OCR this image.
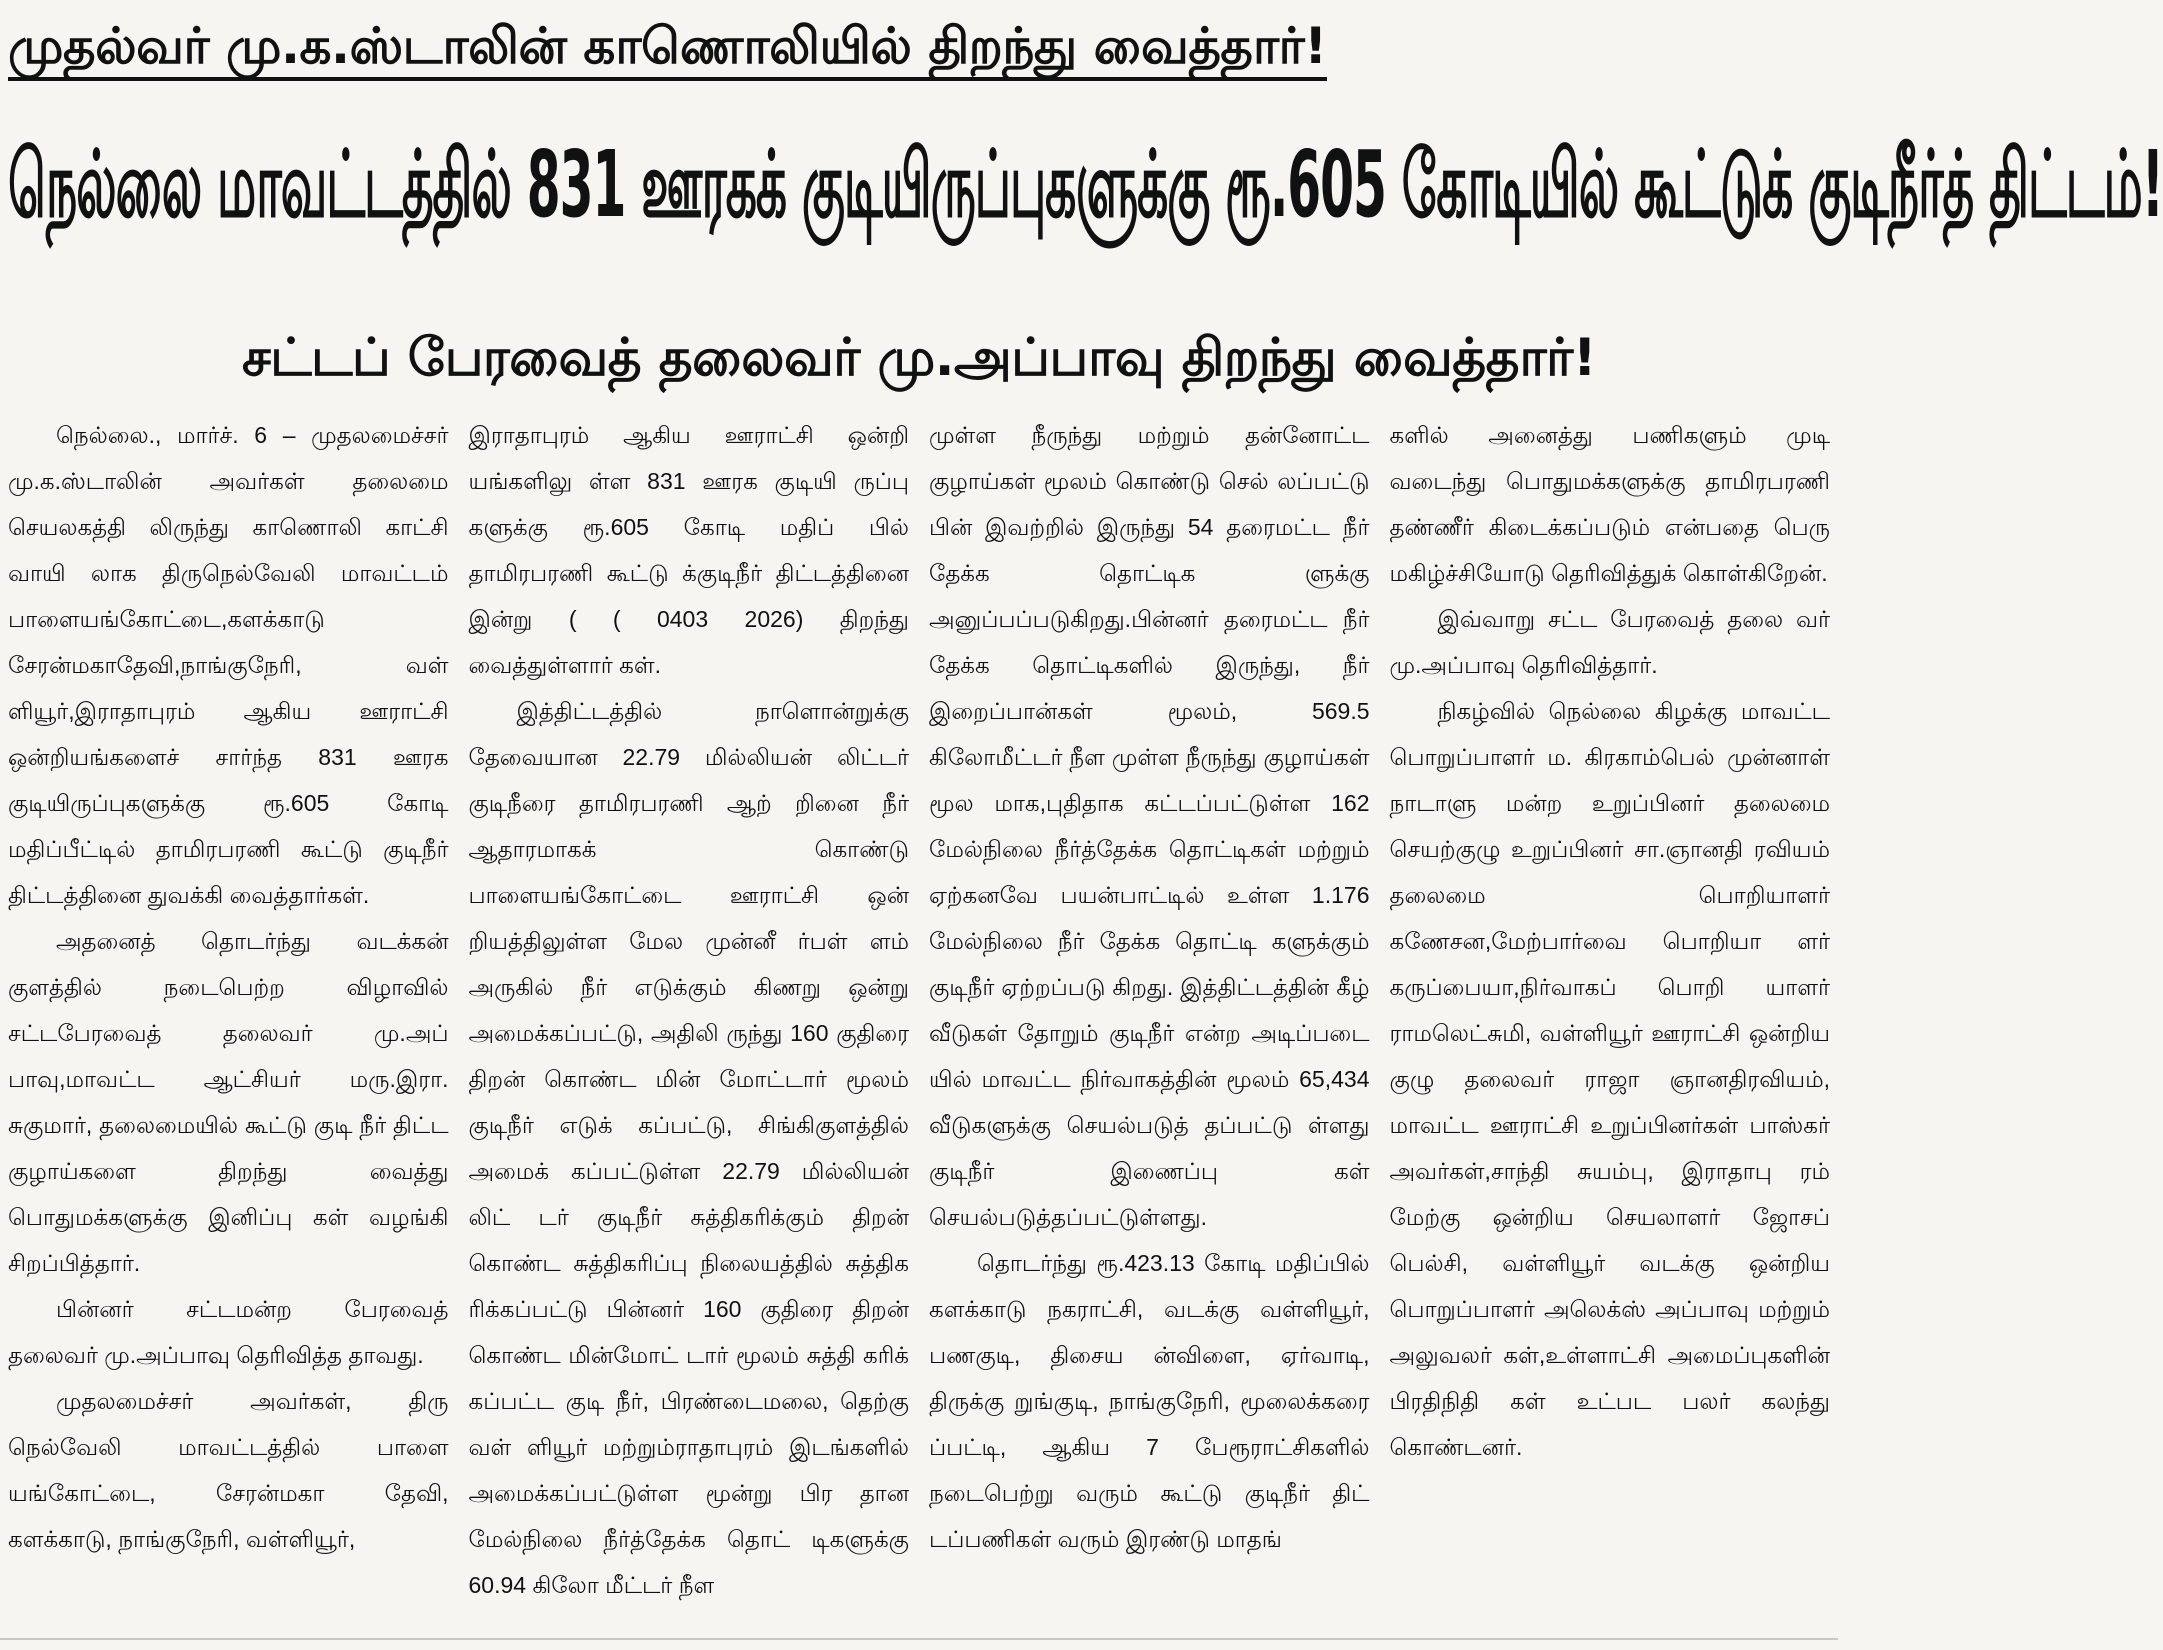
முதல்வர் மு.க.ஸ்டாலின் காணொலியில் திறந்து வைத்தார்!
நெல்லை மாவட்டத்தில் 831 ஊரகக் குடியிருப்புகளுக்கு ரூ.605 கோடியில் கூட்டுக் குடிநீர்த் திட்டம்!
சட்டப் பேரவைத் தலைவர் மு.அப்பாவு திறந்து வைத்தார்!

நெல்லை., மார்ச். 6 – முதலமைச்சர் மு.க.ஸ்டாலின் அவர்கள் தலைமை செயலகத்தி லிருந்து காணொலி காட்சி வாயி லாக திருநெல்வேலி மாவட்டம் பாளையங்கோட்டை,களக்காடு சேரன்மகாதேவி,நாங்குநேரி, வள் ளியூர்,இராதாபுரம் ஆகிய ஊராட்சி ஒன்றியங்களைச் சார்ந்த 831 ஊரக குடியிருப்புகளுக்கு ரூ.605 கோடி மதிப்பீட்டில் தாமிரபரணி கூட்டு குடிநீர் திட்டத்தினை துவக்கி வைத்தார்கள்.

அதனைத் தொடர்ந்து வடக்கன் குளத்தில் நடைபெற்ற விழாவில் சட்டபேரவைத் தலைவர் மு.அப் பாவு,மாவட்ட ஆட்சியர் மரு.இரா. சுகுமார், தலைமையில் கூட்டு குடி நீர் திட்ட குழாய்களை திறந்து வைத்து பொதுமக்களுக்கு இனிப்பு கள் வழங்கி சிறப்பித்தார்.

பின்னர் சட்டமன்ற பேரவைத் தலைவர் மு.அப்பாவு தெரிவித்த தாவது.

முதலமைச்சர் அவர்கள், திரு நெல்வேலி மாவட்டத்தில் பாளை யங்கோட்டை, சேரன்மகா தேவி, களக்காடு, நாங்குநேரி, வள்ளியூர்,

இராதாபுரம் ஆகிய ஊராட்சி ஒன்றி யங்களிலு ள்ள 831 ஊரக குடியி ருப்பு களுக்கு ரூ.605 கோடி மதிப் பில் தாமிரபரணி கூட்டு க்குடிநீர் திட்டத்தினை இன்று ( ( 0403 2026) திறந்து வைத்துள்ளார் கள்.

இத்திட்டத்தில் நாளொன்றுக்கு தேவையான 22.79 மில்லியன் லிட்டர் குடிநீரை தாமிரபரணி ஆற் றினை நீர் ஆதாரமாகக் கொண்டு பாளையங்கோட்டை ஊராட்சி ஒன் றியத்திலுள்ள மேல முன்னீ ர்பள் ளம் அருகில் நீர் எடுக்கும் கிணறு ஒன்று அமைக்கப்பட்டு, அதிலி ருந்து 160 குதிரை திறன் கொண்ட மின் மோட்டார் மூலம் குடிநீர் எடுக் கப்பட்டு, சிங்கிகுளத்தில் அமைக் கப்பட்டுள்ள 22.79 மில்லியன் லிட் டர் குடிநீர் சுத்திகரிக்கும் திறன் கொண்ட சுத்திகரிப்பு நிலையத்தில் சுத்திக ரிக்கப்பட்டு பின்னர் 160 குதிரை திறன் கொண்ட மின்மோட் டார் மூலம் சுத்தி கரிக் கப்பட்ட குடி நீர், பிரண்டைமலை, தெற்கு வள் ளியூர் மற்றும்ராதாபுரம் இடங்களில் அமைக்கப்பட்டுள்ள மூன்று பிர தான மேல்நிலை நீர்த்தேக்க தொட் டிகளுக்கு 60.94 கிலோ மீட்டர் நீள

முள்ள நீருந்து மற்றும் தன்னோட்ட குழாய்கள் மூலம் கொண்டு செல் லப்பட்டு பின் இவற்றில் இருந்து 54 தரைமட்ட நீர் தேக்க தொட்டிக ளுக்கு அனுப்பப்படுகிறது.பின்னர் தரைமட்ட நீர் தேக்க தொட்டிகளில் இருந்து, நீர் இறைப்பான்கள் மூலம், 569.5 கிலோமீட்டர் நீள முள்ள நீருந்து குழாய்கள் மூல மாக,புதிதாக கட்டப்பட்டுள்ள 162 மேல்நிலை நீர்த்தேக்க தொட்டிகள் மற்றும் ஏற்கனவே பயன்பாட்டில் உள்ள 1.176 மேல்நிலை நீர் தேக்க தொட்டி களுக்கும் குடிநீர் ஏற்றப்படு கிறது. இத்திட்டத்தின் கீழ் வீடுகள் தோறும் குடிநீர் என்ற அடிப்படை யில் மாவட்ட நிர்வாகத்தின் மூலம் 65,434 வீடுகளுக்கு செயல்படுத் தப்பட்டு ள்ளது குடிநீர் இணைப்பு கள் செயல்படுத்தப்பட்டுள்ளது.

தொடர்ந்து ரூ.423.13 கோடி மதிப்பில் களக்காடு நகராட்சி, வடக்கு வள்ளியூர், பணகுடி, திசைய ன்விளை, ஏர்வாடி, திருக்கு றுங்குடி, நாங்குநேரி, மூலைக்கரை ப்பட்டி, ஆகிய 7 பேரூராட்சிகளில் நடைபெற்று வரும் கூட்டு குடிநீர் திட் டப்பணிகள் வரும் இரண்டு மாதங்

களில் அனைத்து பணிகளும் முடி வடைந்து பொதுமக்களுக்கு தாமிரபரணி தண்ணீர் கிடைக்கப்படும் என்பதை பெரு மகிழ்ச்சியோடு தெரிவித்துக் கொள்கிறேன்.

இவ்வாறு சட்ட பேரவைத் தலை வர் மு.அப்பாவு தெரிவித்தார்.

நிகழ்வில் நெல்லை கிழக்கு மாவட்ட பொறுப்பாளர் ம. கிரகாம்பெல் முன்னாள் நாடாளு மன்ற உறுப்பினர் தலைமை செயற்குழு உறுப்பினர் சா.ஞானதி ரவியம் தலைமை பொறியாளர் கணேசன,மேற்பார்வை பொறியா ளர் கருப்பையா,நிர்வாகப் பொறி யாளர் ராமலெட்சுமி, வள்ளியூர் ஊராட்சி ஒன்றிய குழு தலைவர் ராஜா ஞானதிரவியம், மாவட்ட ஊராட்சி உறுப்பினர்கள் பாஸ்கர் அவர்கள்,சாந்தி சுயம்பு, இராதாபு ரம் மேற்கு ஒன்றிய செயலாளர் ஜோசப் பெல்சி, வள்ளியூர் வடக்கு ஒன்றிய பொறுப்பாளர் அலெக்ஸ் அப்பாவு மற்றும் அலுவலர் கள்,உள்ளாட்சி அமைப்புகளின் பிரதிநிதி கள் உட்பட பலர் கலந்து கொண்டனர்.
